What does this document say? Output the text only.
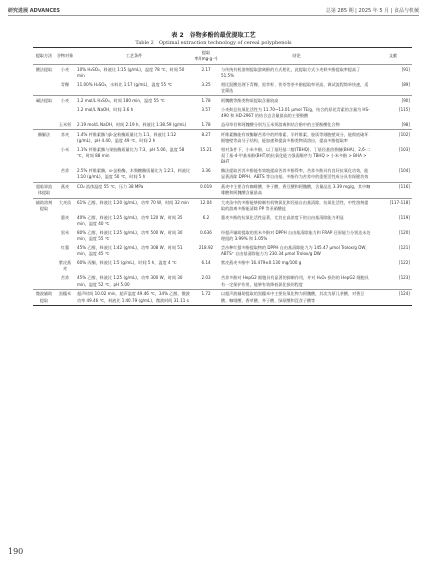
研究进展 ADVANCES	总第 285 期 | 2025 年 5 月 | 食品与机械
表 2　谷物多酚的最优提取工艺
Table 2　Optimal extraction technology of cereal polyphenols
提取方法	谷物对象	工艺条件	提取率/(mg·g⁻¹)	结论	文献
酸法提取	小麦	10% H₂SO₄，料液比 1∶15 (g/mL)，温度 78 ℃，时间 50 min	2.17	与传统有机溶剂提取游离酚的方式相比，此提取方式小麦麸多酚提取率提高了 51.5%	[91]
	青稞	11.00% H₂SO₄，水料比 1∶17 (g/mL)，温度 55 ℃	3.25	相比混酸处理下青稞、黑苹籽、茯苓等茶多酚提取率更高，调试流程简单快速，适宜筛选	[89]
碱法提取	小麦	1.2 mol/L H₂SO₄，时间 180 min，温度 55 ℃	1.78	阿魏酸等酚类物质提取含量较高	[90]
		1.2 mol/L NaOH，时间 3.6 h	3.57	小麦麸总抗氧化活性为 11.70~13.01 μmol TE/g，结合的原花青素的含量为 HS-490 和 HD-2967 的结合态含量最高的主要酚酸	[115]
	玉米须	2.19 mol/L NaOH，时间 2.19 h，料液比 1∶38.59 (g/mL)	1.78	益母草苷和阿魏酸分别为玉米须游离和结合酚中的主要酚酸化合物	[98]
酶解法	荞麦	1.4% 纤维素酶与β-淀粉酶质量比为 1∶1，料液比 1∶12 (g/mL)，pH 4.40，温度 49 ℃，时间 2 h	8.27	纤维素酶能有效酶解苦荞中的纤维素、半纤维素、胶质等细胞壁成分，能彻底破坏细胞壁等高分子结构，能加速和提高多酚类物质溶出，提高多酚提取率	[102]
	小米	1.1% 纤维素酶与果胶酶质量比为 7∶3，pH 5.06，温度 58 ℃，时间 88 min	15.21	相对条件下，小米多酚、以丁基羟基二醇(TBHQ)、丁基羟基茴香醚(BHA)、2,6-二叔丁基-4-甲基苯酚(BHT)的抗氧化能力强弱顺序为 TBHQ > 小米多酚 > BHA > BHT	[103]
	苦荞	2.5% 纤维素酶，α-淀粉酶，木聚糖酶质量比为 1∶2∶1，料液比 1∶10 (g/mL)，温度 50 ℃，时间 5 h	3.36	酶法提取苦荞多酚能有效地提高苦荞多酚得率，苦荞多酚具有良好抗氧化功效，能显著清除 DPPH、ABTS 等自由基，多酚作为苦荞中的重要活性成分具有保健功效	[104]
超临界流体提取	燕麦	CO₂ 流体温度 55 ℃，压力 38 MPa	0.019	燕麦中主要含有咖啡酸、芥子酸、香豆酸和阿魏酸，含量品达 3.39 mg/g，其中咖啡酸和阿魏酸含量最高	[116]
辅助溶剂提取	大麦苗	61% 乙醇，料液比 1∶20 (g/mL)，功率 70 W，时间 32 min	12.04	大麦苗中的多酚能够抑制有机物氧化和羟基自由基清除，抗氧化活性，中性溶剂提取的游离多酚能清除 PP 等亚硝酸盐	[117-118]
	藜麦	40% 乙醇，料液比 1∶25 (g/mL)，功率 120 W，时间 35 min，温度 40 ℃	6.2	藜麦多酚的抗氧化活性显著，尤其在高浓度下的自由基清除能力明显	[119]
	黑米	80% 乙醇，料液比 1∶25 (g/mL)，功率 500 W，时间 30 min，温度 55 ℃	0.636	经超声辅助提取的黑米多酚对 DPPH 自由基清除能力和 FRAP 还原能力分别达未处理组的 3.99% 和 1.05%	[120]
	红藜	45% 乙醇，料液比 1∶42 (g/mL)，功率 308 W，时间 51 min，温度 45 ℃	218.92	芸沙种红藜多酚提取物的 DPPH 自由基清除能力为 145.47 μmol Trolox/g DW，ABTS⁺ 自由基清除能力为 230.34 μmol Trolox/g DW	[121]
	紫皮燕麦	60% 丙酮，料液比 1∶5 (g/mL)，时间 5 h，温度 4 ℃	6.14	紫皮燕麦多酚中 16.479±0.130 mg/100 g	[122]
	苦荞	45% 乙醇，料液比 1∶25 (g/mL)，功率 300 W，时间 30 min，温度 52 ℃，pH 5.00	2.03	苦荞多酚对 HepG2 细胞具有显著的抑制作用，并对 H₂O₂ 损伤的 HepG2 细胞具有一定保护作用，能够有效降低氧化损伤程度	[123]
微波辅助提取	黑糯米	超声时间 10.02 min，超声温度 49.46 ℃，34% 乙醇，微波功率 49.46 ℃，料液比 1∶40.79 (g/mL)，微波时间 31.11 s	1.72	以超声波辅助提取的黑糯米中主要抗氧化物为阿魏酸，其次为原儿茶酸、对香豆酸、咖啡酸、香草酸、芥子酸、绿原酸和没食子酸等	[124]
190
